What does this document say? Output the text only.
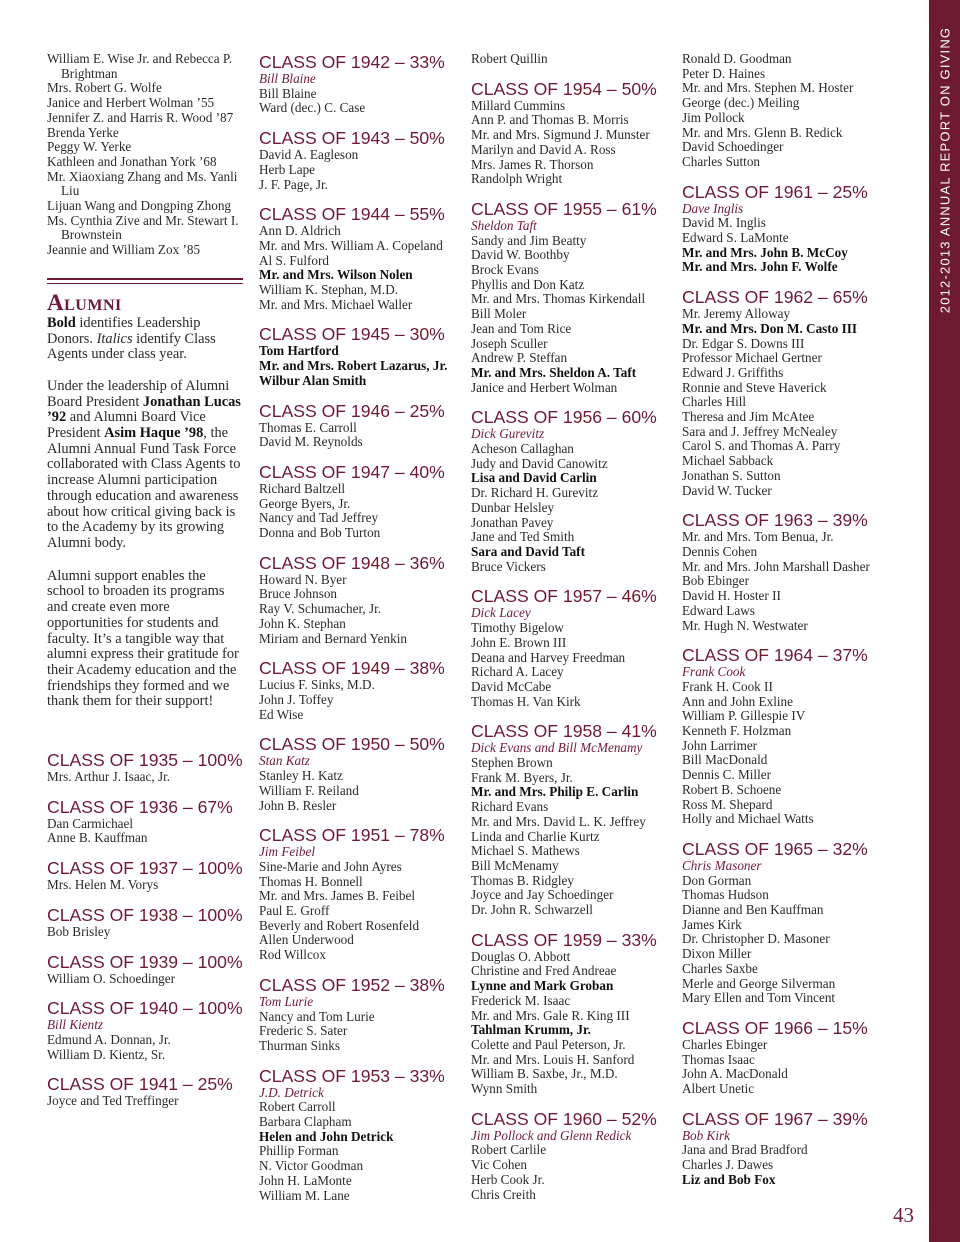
William E. Wise Jr. and Rebecca P. Brightman
Mrs. Robert G. Wolfe
Janice and Herbert Wolman ’55
Jennifer Z. and Harris R. Wood ’87
Brenda Yerke
Peggy W. Yerke
Kathleen and Jonathan York ’68
Mr. Xiaoxiang Zhang and Ms. Yanli Liu
Lijuan Wang and Dongping Zhong
Ms. Cynthia Zive and Mr. Stewart I. Brownstein
Jeannie and William Zox ’85
Alumni
Bold identifies Leadership Donors. Italics identify Class Agents under class year.
Under the leadership of Alumni Board President Jonathan Lucas ’92 and Alumni Board Vice President Asim Haque ’98, the Alumni Annual Fund Task Force collaborated with Class Agents to increase Alumni participation through education and awareness about how critical giving back is to the Academy by its growing Alumni body.
Alumni support enables the school to broaden its programs and create even more opportunities for students and faculty. It’s a tangible way that alumni express their gratitude for their Academy education and the friendships they formed and we thank them for their support!
CLASS OF 1935 – 100%
Mrs. Arthur J. Isaac, Jr.
CLASS OF 1936 – 67%
Dan Carmichael
Anne B. Kauffman
CLASS OF 1937 – 100%
Mrs. Helen M. Vorys
CLASS OF 1938 – 100%
Bob Brisley
CLASS OF 1939 – 100%
William O. Schoedinger
CLASS OF 1940 – 100%
Bill Kientz
Edmund A. Donnan, Jr.
William D. Kientz, Sr.
CLASS OF 1941 – 25%
Joyce and Ted Treffinger
CLASS OF 1942 – 33%
Bill Blaine
Bill Blaine
Ward (dec.) C. Case
CLASS OF 1943 – 50%
David A. Eagleson
Herb Lape
J. F. Page, Jr.
CLASS OF 1944 – 55%
Ann D. Aldrich
Mr. and Mrs. William A. Copeland
Al S. Fulford
Mr. and Mrs. Wilson Nolen
William K. Stephan, M.D.
Mr. and Mrs. Michael Waller
CLASS OF 1945 – 30%
Tom Hartford
Mr. and Mrs. Robert Lazarus, Jr.
Wilbur Alan Smith
CLASS OF 1946 – 25%
Thomas E. Carroll
David M. Reynolds
CLASS OF 1947 – 40%
Richard Baltzell
George Byers, Jr.
Nancy and Tad Jeffrey
Donna and Bob Turton
CLASS OF 1948 – 36%
Howard N. Byer
Bruce Johnson
Ray V. Schumacher, Jr.
John K. Stephan
Miriam and Bernard Yenkin
CLASS OF 1949 – 38%
Lucius F. Sinks, M.D.
John J. Toffey
Ed Wise
CLASS OF 1950 – 50%
Stan Katz
Stanley H. Katz
William F. Reiland
John B. Resler
CLASS OF 1951 – 78%
Jim Feibel
Sine-Marie and John Ayres
Thomas H. Bonnell
Mr. and Mrs. James B. Feibel
Paul E. Groff
Beverly and Robert Rosenfeld
Allen Underwood
Rod Willcox
CLASS OF 1952 – 38%
Tom Lurie
Nancy and Tom Lurie
Frederic S. Sater
Thurman Sinks
CLASS OF 1953 – 33%
J.D. Detrick
Robert Carroll
Barbara Clapham
Helen and John Detrick
Phillip Forman
N. Victor Goodman
John H. LaMonte
William M. Lane
Robert Quillin
CLASS OF 1954 – 50%
Millard Cummins
Ann P. and Thomas B. Morris
Mr. and Mrs. Sigmund J. Munster
Marilyn and David A. Ross
Mrs. James R. Thorson
Randolph Wright
CLASS OF 1955 – 61%
Sheldon Taft
Sandy and Jim Beatty
David W. Boothby
Brock Evans
Phyllis and Don Katz
Mr. and Mrs. Thomas Kirkendall
Bill Moler
Jean and Tom Rice
Joseph Sculler
Andrew P. Steffan
Mr. and Mrs. Sheldon A. Taft
Janice and Herbert Wolman
CLASS OF 1956 – 60%
Dick Gurevitz
Acheson Callaghan
Judy and David Canowitz
Lisa and David Carlin
Dr. Richard H. Gurevitz
Dunbar Helsley
Jonathan Pavey
Jane and Ted Smith
Sara and David Taft
Bruce Vickers
CLASS OF 1957 – 46%
Dick Lacey
Timothy Bigelow
John E. Brown III
Deana and Harvey Freedman
Richard A. Lacey
David McCabe
Thomas H. Van Kirk
CLASS OF 1958 – 41%
Dick Evans and Bill McMenamy
Stephen Brown
Frank M. Byers, Jr.
Mr. and Mrs. Philip E. Carlin
Richard Evans
Mr. and Mrs. David L. K. Jeffrey
Linda and Charlie Kurtz
Michael S. Mathews
Bill McMenamy
Thomas B. Ridgley
Joyce and Jay Schoedinger
Dr. John R. Schwarzell
CLASS OF 1959 – 33%
Douglas O. Abbott
Christine and Fred Andreae
Lynne and Mark Groban
Frederick M. Isaac
Mr. and Mrs. Gale R. King III
Tahlman Krumm, Jr.
Colette and Paul Peterson, Jr.
Mr. and Mrs. Louis H. Sanford
William B. Saxbe, Jr., M.D.
Wynn Smith
CLASS OF 1960 – 52%
Jim Pollock and Glenn Redick
Robert Carlile
Vic Cohen
Herb Cook Jr.
Chris Creith
Ronald D. Goodman
Peter D. Haines
Mr. and Mrs. Stephen M. Hoster
George (dec.) Meiling
Jim Pollock
Mr. and Mrs. Glenn B. Redick
David Schoedinger
Charles Sutton
CLASS OF 1961 – 25%
Dave Inglis
David M. Inglis
Edward S. LaMonte
Mr. and Mrs. John B. McCoy
Mr. and Mrs. John F. Wolfe
CLASS OF 1962 – 65%
Mr. Jeremy Alloway
Mr. and Mrs. Don M. Casto III
Dr. Edgar S. Downs III
Professor Michael Gertner
Edward J. Griffiths
Ronnie and Steve Haverick
Charles Hill
Theresa and Jim McAtee
Sara and J. Jeffrey McNealey
Carol S. and Thomas A. Parry
Michael Sabback
Jonathan S. Sutton
David W. Tucker
CLASS OF 1963 – 39%
Mr. and Mrs. Tom Benua, Jr.
Dennis Cohen
Mr. and Mrs. John Marshall Dasher
Bob Ebinger
David H. Hoster II
Edward Laws
Mr. Hugh N. Westwater
CLASS OF 1964 – 37%
Frank Cook
Frank H. Cook II
Ann and John Exline
William P. Gillespie IV
Kenneth F. Holzman
John Larrimer
Bill MacDonald
Dennis C. Miller
Robert B. Schoene
Ross M. Shepard
Holly and Michael Watts
CLASS OF 1965 – 32%
Chris Masoner
Don Gorman
Thomas Hudson
Dianne and Ben Kauffman
James Kirk
Dr. Christopher D. Masoner
Dixon Miller
Charles Saxbe
Merle and George Silverman
Mary Ellen and Tom Vincent
CLASS OF 1966 – 15%
Charles Ebinger
Thomas Isaac
John A. MacDonald
Albert Unetic
CLASS OF 1967 – 39%
Bob Kirk
Jana and Brad Bradford
Charles J. Dawes
Liz and Bob Fox
2012-2013 ANNUAL REPORT ON GIVING
43
